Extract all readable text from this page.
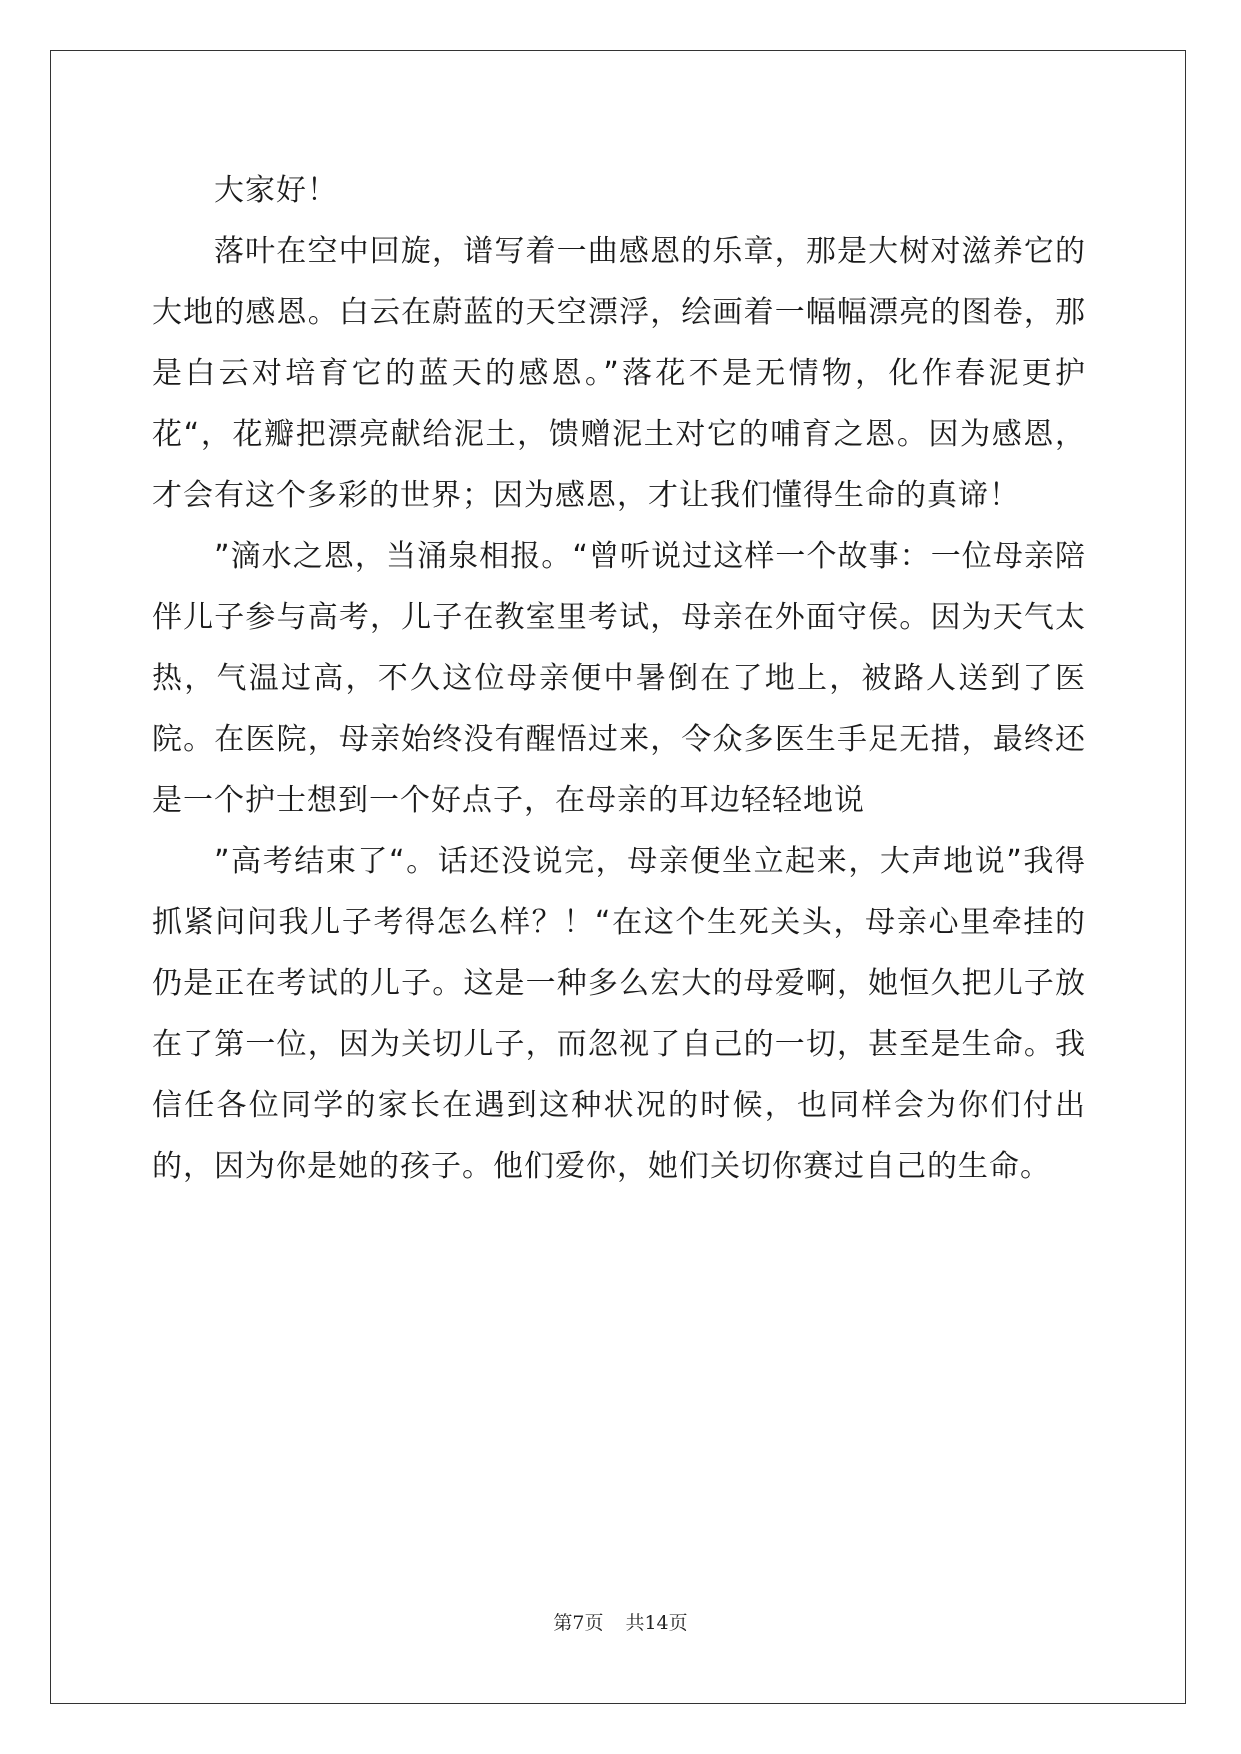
大家好！

落叶在空中回旋，谱写着一曲感恩的乐章，那是大树对滋养它的大地的感恩。白云在蔚蓝的天空漂浮，绘画着一幅幅漂亮的图卷，那是白云对培育它的蓝天的感恩。”落花不是无情物，化作春泥更护花“，花瓣把漂亮献给泥土，馈赠泥土对它的哺育之恩。因为感恩，才会有这个多彩的世界；因为感恩，才让我们懂得生命的真谛！

”滴水之恩，当涌泉相报。“曾听说过这样一个故事：一位母亲陪伴儿子参与高考，儿子在教室里考试，母亲在外面守侯。因为天气太热，气温过高，不久这位母亲便中暑倒在了地上，被路人送到了医院。在医院，母亲始终没有醒悟过来，令众多医生手足无措，最终还是一个护士想到一个好点子，在母亲的耳边轻轻地说

”高考结束了“。话还没说完，母亲便坐立起来，大声地说”我得抓紧问问我儿子考得怎么样？！“在这个生死关头，母亲心里牵挂的仍是正在考试的儿子。这是一种多么宏大的母爱啊，她恒久把儿子放在了第一位，因为关切儿子，而忽视了自己的一切，甚至是生命。我信任各位同学的家长在遇到这种状况的时候，也同样会为你们付出的，因为你是她的孩子。他们爱你，她们关切你赛过自己的生命。

第7页 共14页
